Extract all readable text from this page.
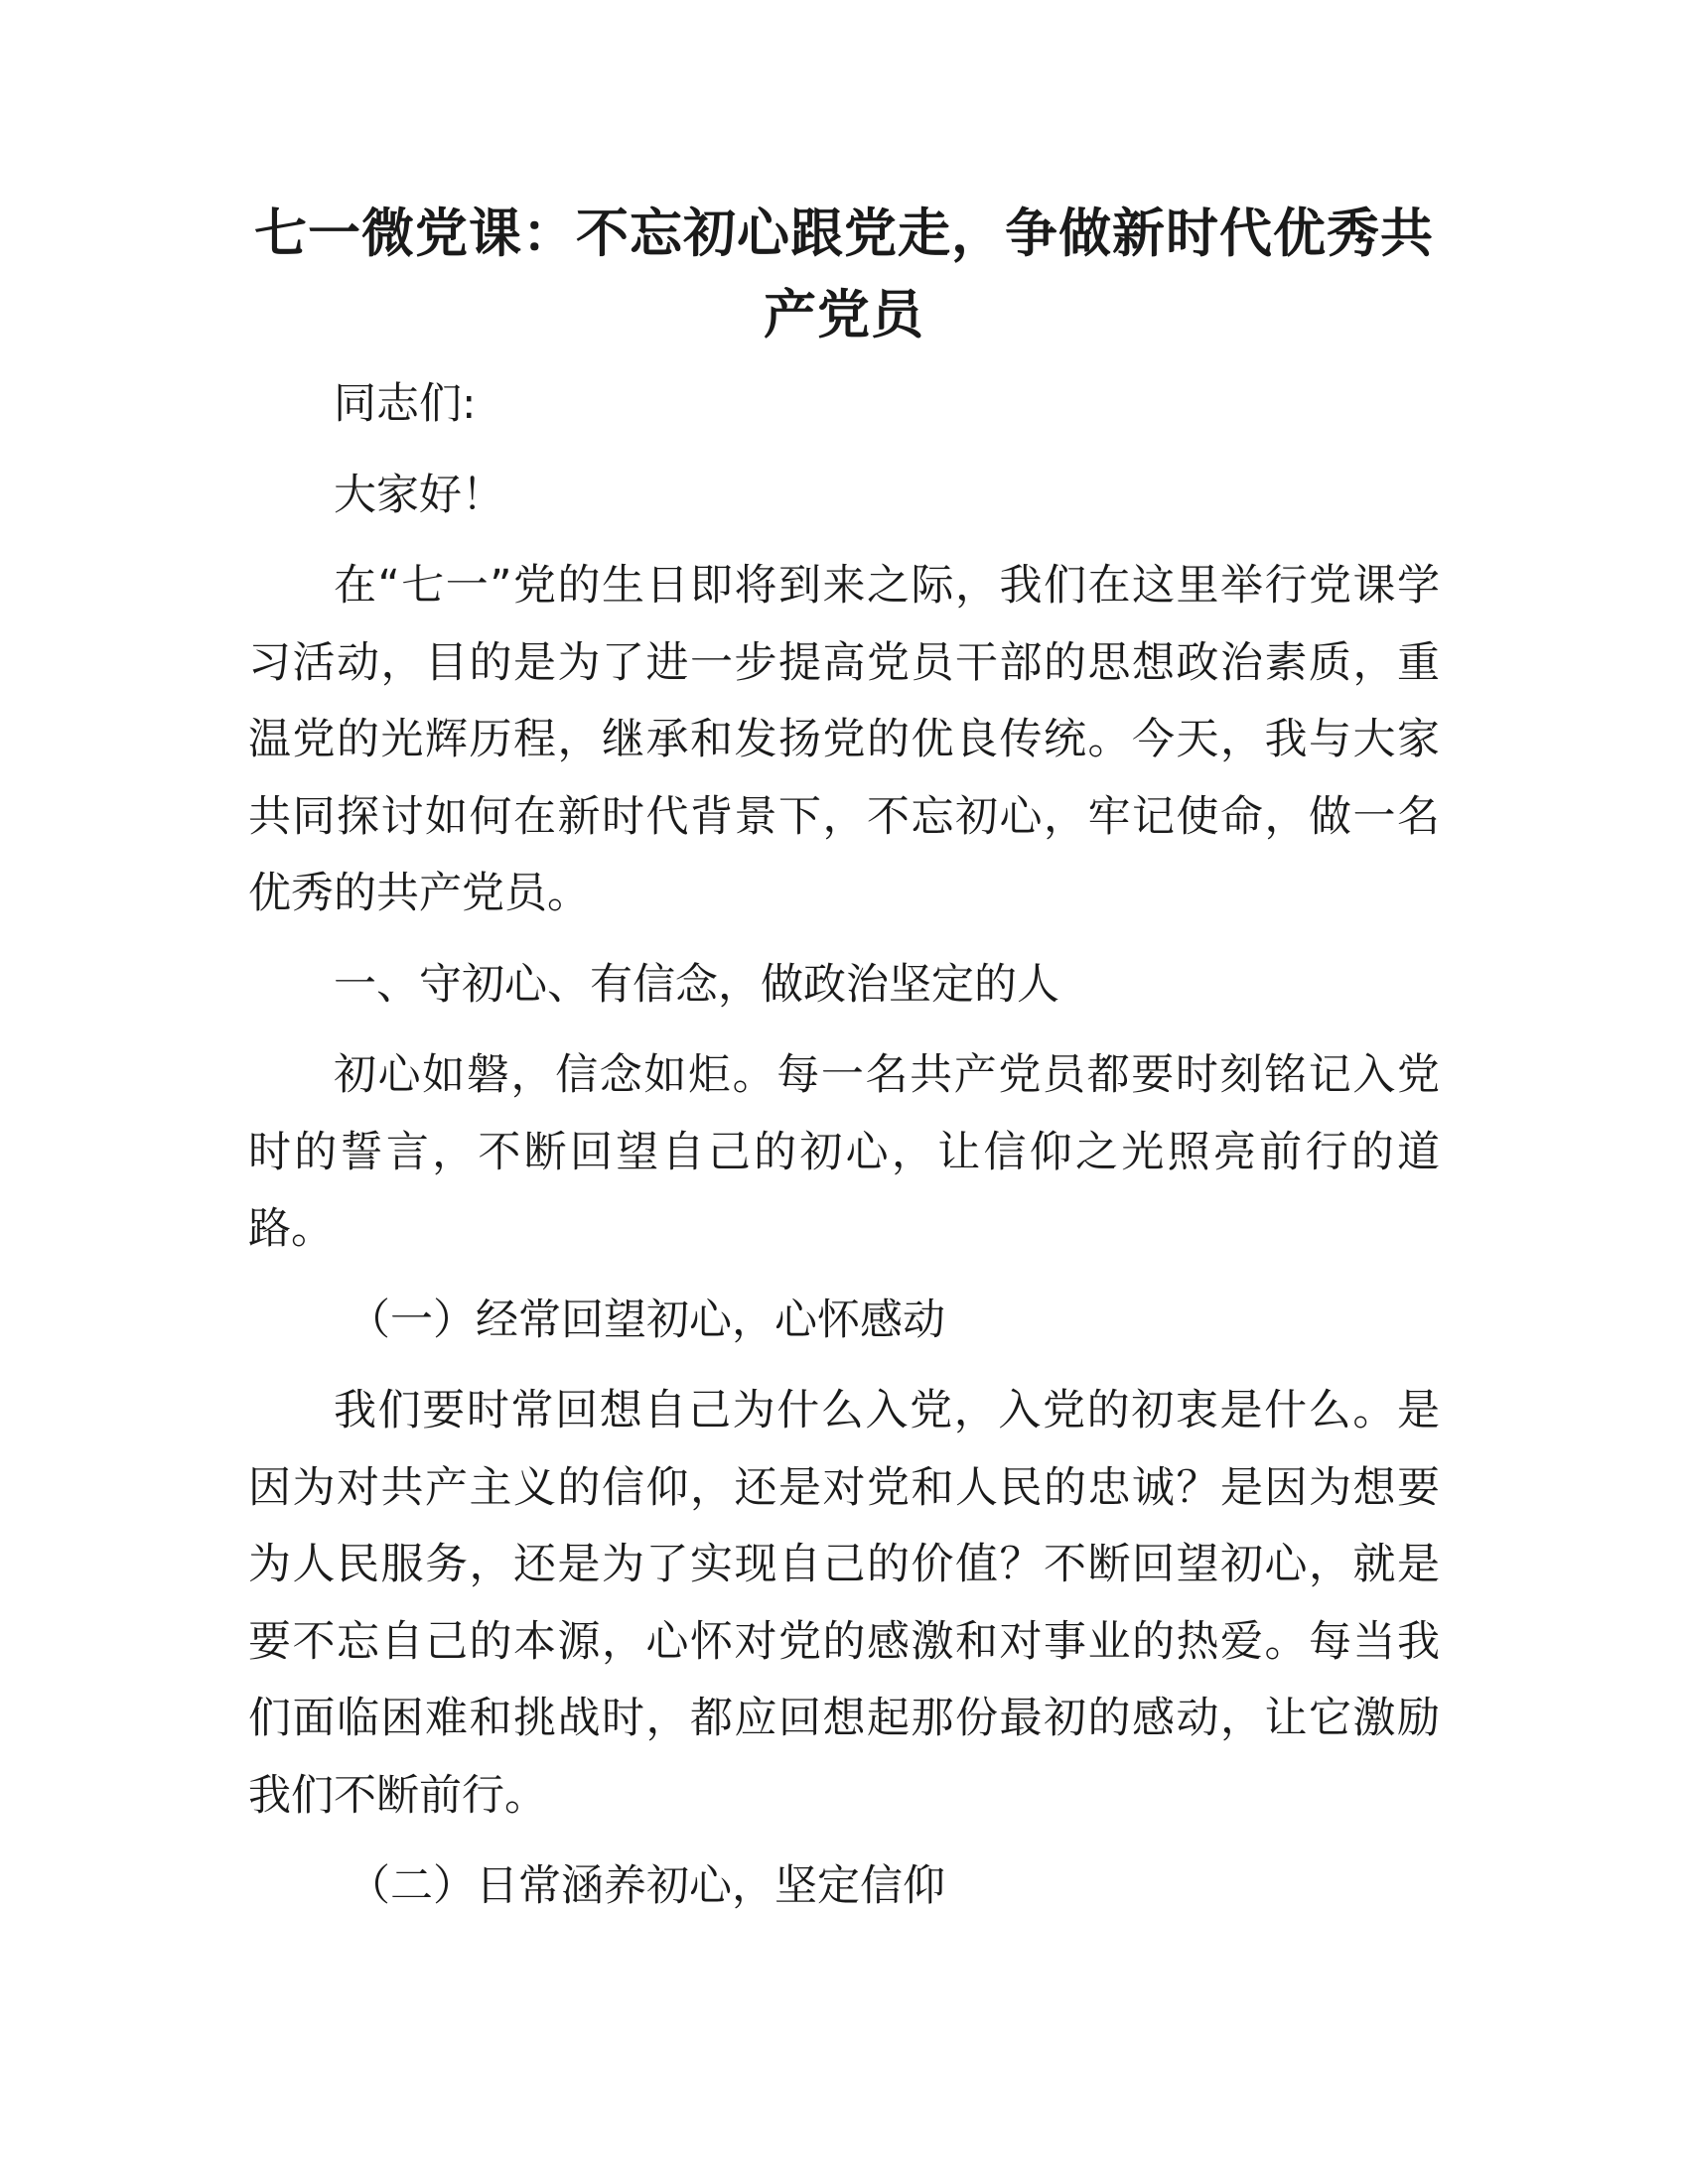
七一微党课：不忘初心跟党走，争做新时代优秀共产党员

同志们:

大家好！

在“七一”党的生日即将到来之际，我们在这里举行党课学习活动，目的是为了进一步提高党员干部的思想政治素质，重温党的光辉历程，继承和发扬党的优良传统。今天，我与大家共同探讨如何在新时代背景下，不忘初心，牢记使命，做一名优秀的共产党员。

一、守初心、有信念，做政治坚定的人

初心如磐，信念如炬。每一名共产党员都要时刻铭记入党时的誓言，不断回望自己的初心，让信仰之光照亮前行的道路。

（一）经常回望初心，心怀感动

我们要时常回想自己为什么入党，入党的初衷是什么。是因为对共产主义的信仰，还是对党和人民的忠诚？是因为想要为人民服务，还是为了实现自己的价值？不断回望初心，就是要不忘自己的本源，心怀对党的感激和对事业的热爱。每当我们面临困难和挑战时，都应回想起那份最初的感动，让它激励我们不断前行。

（二）日常涵养初心，坚定信仰
